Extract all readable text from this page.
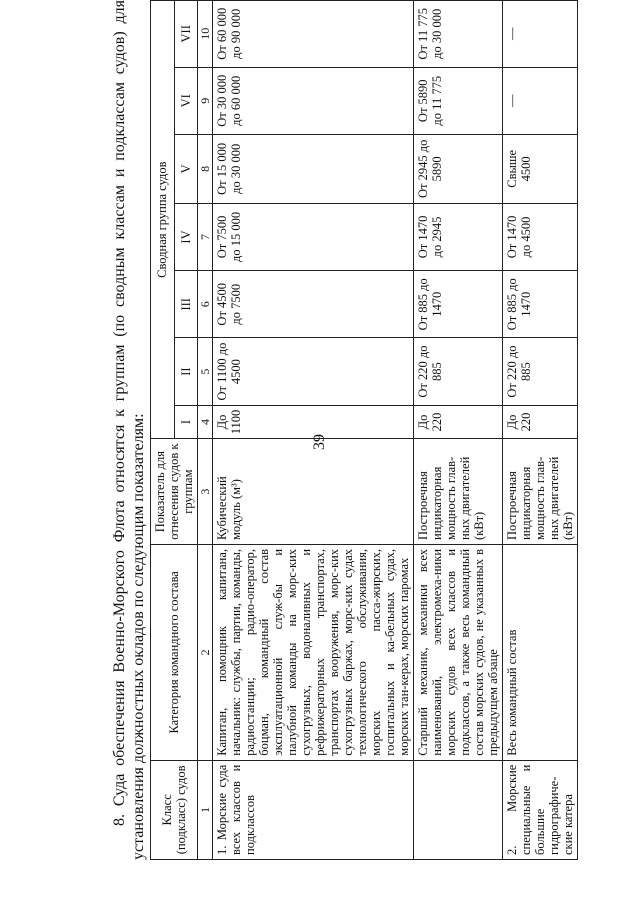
39

8. Суда обеспечения Военно-Морского Флота относятся к группам (по сводным классам и подклассам судов) для установления должностных окладов по следующим показателям: Класс (подкласс) судов	Категория командного состава	Показатель для отнесения судов к группам	Сводная группа судов						
			I	II	III	IV	V	VI	VII
1	2	3	4	5	6	7	8	9	10
1. Морские суда всех классов и подклассов	Капитан, помощник капитана, начальник: службы, партии, команды, радиостанции; радио-оператор, боцман, командный состав эксплуатационной служ-бы и палубной команды на морс-ких сухогрузных, водоналивных и рефрижераторных транспортах, транспортах вооружения, морс-ких сухогрузных баржах, морс-ких судах технологического обслуживания, морских пасса-жирских, госпитальных и ка-бельных судах, морских тан-керах, морских паромах	Кубический модуль (м³)	До 1100	От 1100 до 4500	От 4500 до 7500	От 7500 до 15 000	От 15 000 до 30 000	От 30 000 до 60 000	От 60 000 до 90 000
	Старший механик, механики всех наименований, электромеха-ники морских судов всех классов и подклассов, а также весь командный состав морских судов, не указанных в предыдущем абзаце	Построечная индикаторная мощность глав-ных двигателей (кВт)	До 220	От 220 до 885	От 885 до 1470	От 1470 до 2945	От 2945 до 5890	От 5890 до 11 775	От 11 775 до 30 000
2. Морские специальные и большие гидрографиче-ские катера	Весь командный состав	Построечная индикаторная мощность глав-ных двигателей (кВт)	До 220	От 220 до 885	От 885 до 1470	От 1470 до 4500	Свыше 4500	—	—
